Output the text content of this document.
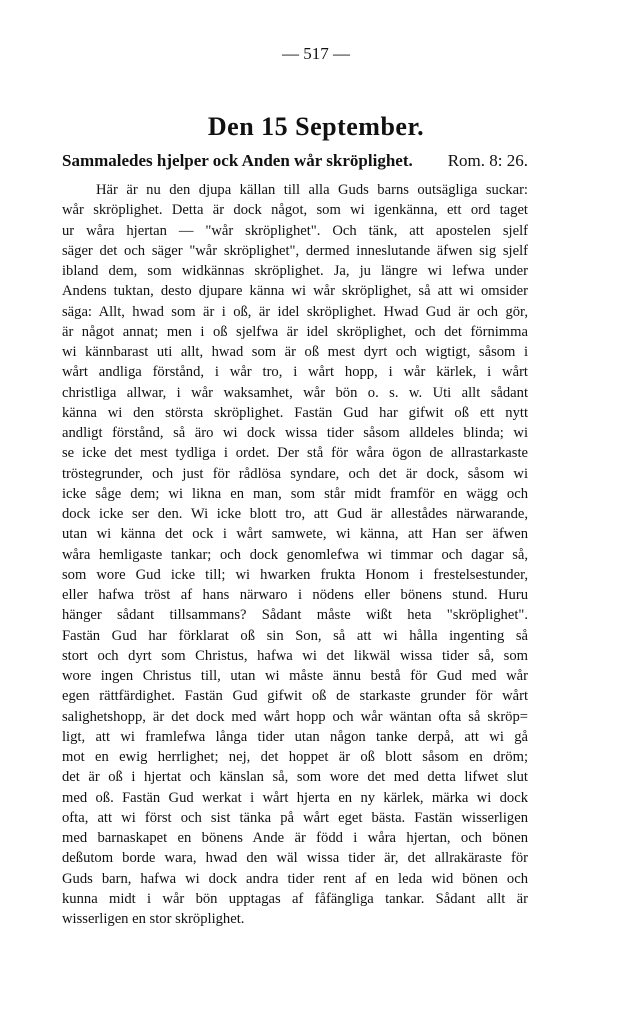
— 517 —
Den 15 September.
Sammaledes hjelper ock Anden wår skröplighet. Rom. 8: 26.
Här är nu den djupa källan till alla Guds barns outsägliga suckar:
wår skröplighet. Detta är dock något, som wi igenkänna, ett ord taget
ur wåra hjertan — "wår skröplighet". Och tänk, att apostelen sjelf
säger det och säger "wår skröplighet", dermed inneslutande äfwen sig sjelf
ibland dem, som widkännas skröplighet. Ja, ju längre wi lefwa under
Andens tuktan, desto djupare känna wi wår skröplighet, så att wi omsider
säga: Allt, hwad som är i oß, är idel skröplighet. Hwad Gud är och gör,
är något annat; men i oß sjelfwa är idel skröplighet, och det förnimma
wi kännbarast uti allt, hwad som är oß mest dyrt och wigtigt, såsom i
wårt andliga förstånd, i wår tro, i wårt hopp, i wår kärlek, i wårt
christliga allwar, i wår waksamhet, wår bön o. s. w. Uti allt sådant
känna wi den största skröplighet. Fastän Gud har gifwit oß ett nytt
andligt förstånd, så äro wi dock wissa tider såsom alldeles blinda; wi
se icke det mest tydliga i ordet. Der stå för wåra ögon de allrastarkaste
tröstegrunder, och just för rådlösa syndare, och det är dock, såsom wi
icke såge dem; wi likna en man, som står midt framför en wägg och
dock icke ser den. Wi icke blott tro, att Gud är allestådes närwarande,
utan wi känna det ock i wårt samwete, wi känna, att Han ser äfwen
wåra hemligaste tankar; och dock genomlefwa wi timmar och dagar så,
som wore Gud icke till; wi hwarken frukta Honom i frestelsestunder,
eller hafwa tröst af hans närwaro i nödens eller bönens stund. Huru
hänger sådant tillsammans? Sådant måste wißt heta "skröplighet".
Fastän Gud har förklarat oß sin Son, så att wi hålla ingenting så
stort och dyrt som Christus, hafwa wi det likwäl wissa tider så, som
wore ingen Christus till, utan wi måste ännu bestå för Gud med wår
egen rättfärdighet. Fastän Gud gifwit oß de starkaste grunder för wårt
salighetshopp, är det dock med wårt hopp och wår wäntan ofta så skröp=
ligt, att wi framlefwa långa tider utan någon tanke derpå, att wi gå
mot en ewig herrlighet; nej, det hoppet är oß blott såsom en dröm;
det är oß i hjertat och känslan så, som wore det med detta lifwet slut
med oß. Fastän Gud werkat i wårt hjerta en ny kärlek, märka wi dock
ofta, att wi först och sist tänka på wårt eget bästa. Fastän wisserligen
med barnaskapet en bönens Ande är född i wåra hjertan, och bönen
deßutom borde wara, hwad den wäl wissa tider är, det allrakäraste för
Guds barn, hafwa wi dock andra tider rent af en leda wid bönen och
kunna midt i wår bön upptagas af fåfängliga tankar. Sådant allt är
wisserligen en stor skröplighet.
